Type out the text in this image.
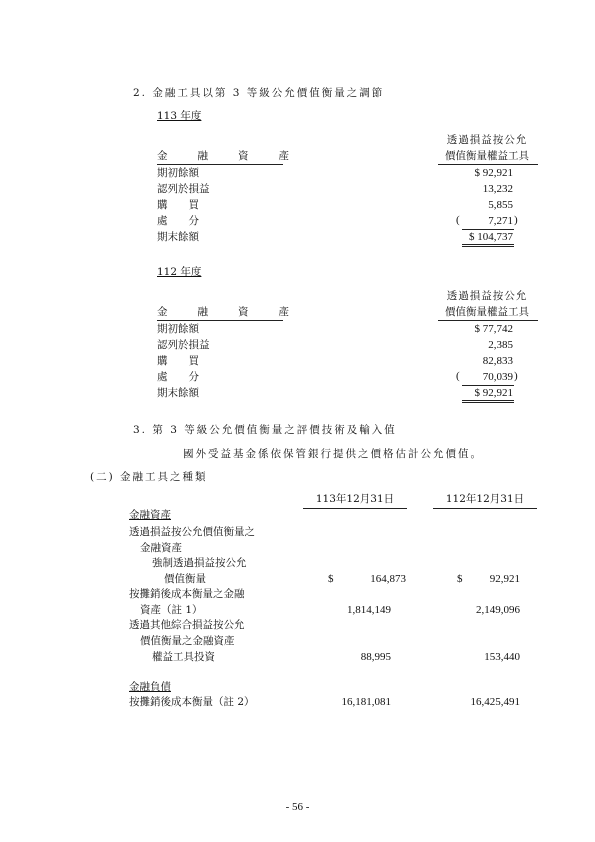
2. 金融工具以第 3 等級公允價值衡量之調節
113 年度
透過損益按公允
價值衡量權益工具
金　　融　　資　　產
期初餘額	$ 92,921
認列於損益	13,232
購　　買	5,855
處　　分	(	7,271 )
期末餘額	$ 104,737
112 年度
透過損益按公允
價值衡量權益工具
金　　融　　資　　產
期初餘額	$ 77,742
認列於損益	2,385
購　　買	82,833
處　　分	(	70,039 )
期末餘額	$ 92,921
3. 第 3 等級公允價值衡量之評價技術及輸入值
國外受益基金係依保管銀行提供之價格估計公允價值。
(二) 金融工具之種類
113年12月31日	112年12月31日
金融資產
透過損益按公允價值衡量之
金融資產
強制透過損益按公允
價值衡量	$	164,873	$	92,921
按攤銷後成本衡量之金融
資產（註 1）	1,814,149	2,149,096
透過其他綜合損益按公允
價值衡量之金融資產
權益工具投資	88,995	153,440
金融負債
按攤銷後成本衡量（註 2）	16,181,081	16,425,491
- 56 -
